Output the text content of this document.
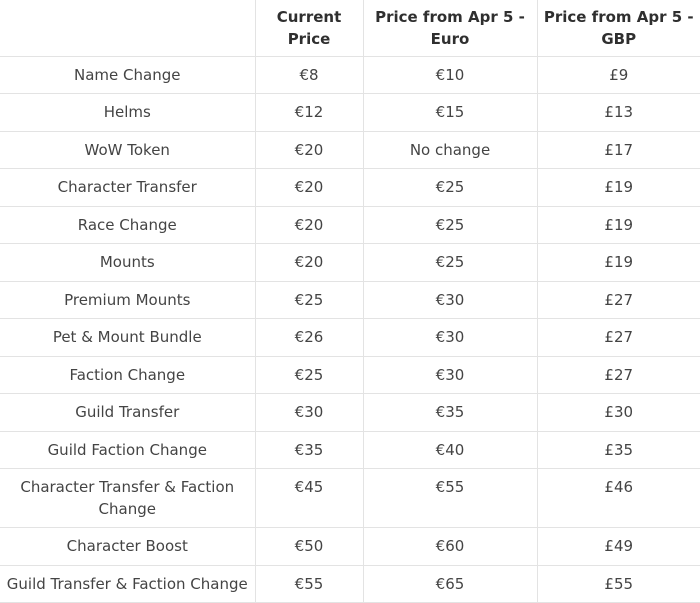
	Current Price	Price from Apr 5 - Euro	Price from Apr 5 - GBP
Name Change	€8	€10	£9
Helms	€12	€15	£13
WoW Token	€20	No change	£17
Character Transfer	€20	€25	£19
Race Change	€20	€25	£19
Mounts	€20	€25	£19
Premium Mounts	€25	€30	£27
Pet & Mount Bundle	€26	€30	£27
Faction Change	€25	€30	£27
Guild Transfer	€30	€35	£30
Guild Faction Change	€35	€40	£35
Character Transfer & Faction Change	€45	€55	£46
Character Boost	€50	€60	£49
Guild Transfer & Faction Change	€55	€65	£55
